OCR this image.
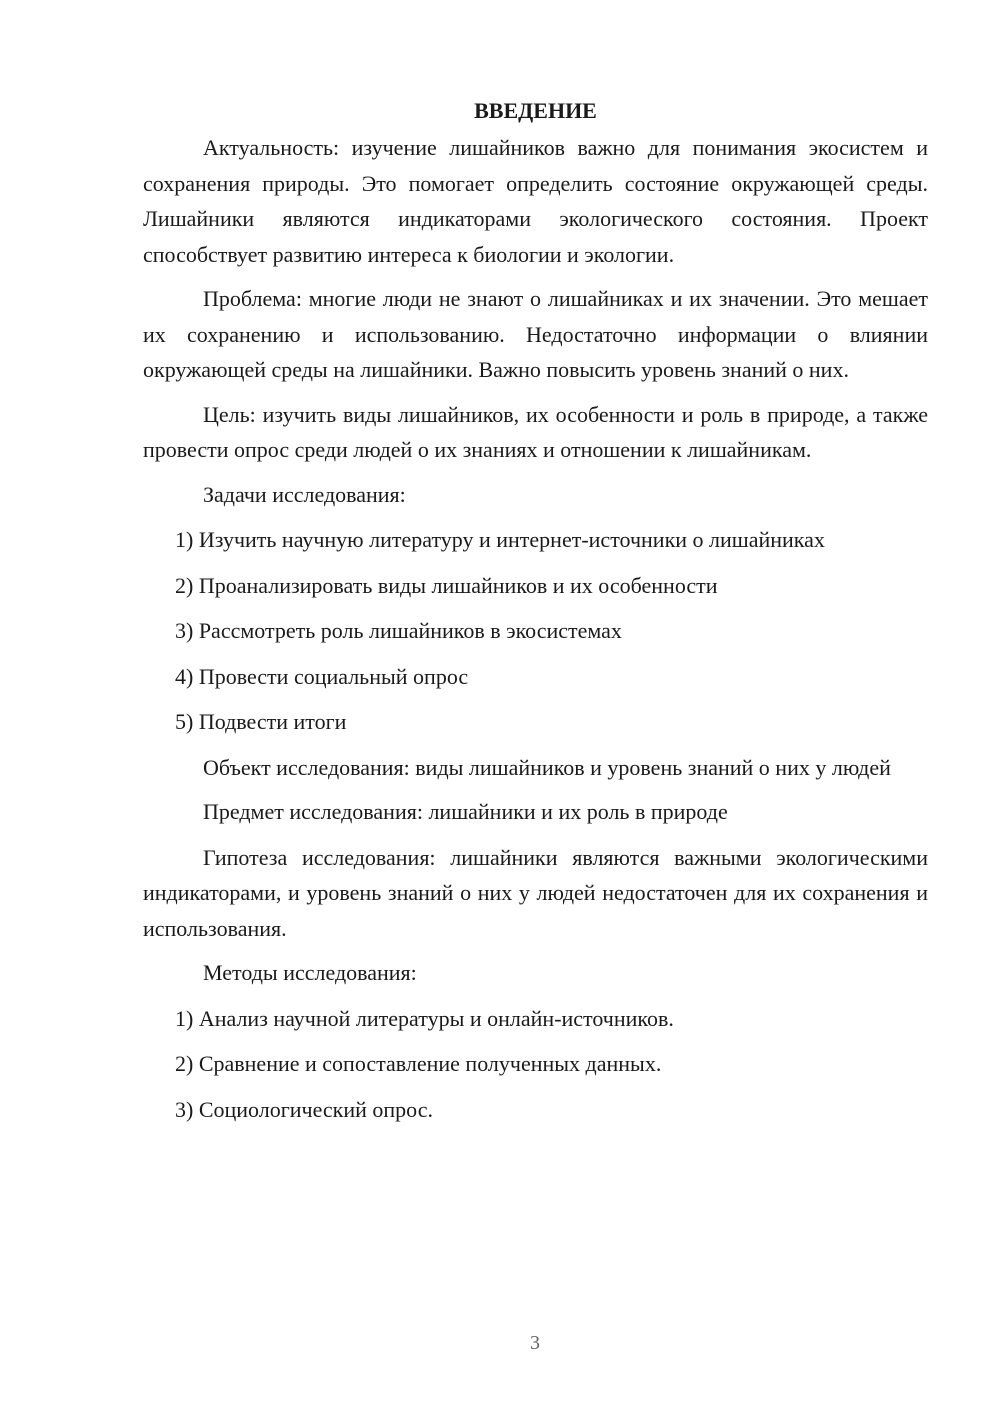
ВВЕДЕНИЕ

Актуальность: изучение лишайников важно для понимания экосистем и сохранения природы. Это помогает определить состояние окружающей среды. Лишайники являются индикаторами экологического состояния. Проект способствует развитию интереса к биологии и экологии.

Проблема: многие люди не знают о лишайниках и их значении. Это мешает их сохранению и использованию. Недостаточно информации о влиянии окружающей среды на лишайники. Важно повысить уровень знаний о них.

Цель: изучить виды лишайников, их особенности и роль в природе, а также провести опрос среди людей о их знаниях и отношении к лишайникам.

Задачи исследования:

1) Изучить научную литературу и интернет-источники о лишайниках

2) Проанализировать виды лишайников и их особенности

3) Рассмотреть роль лишайников в экосистемах

4) Провести социальный опрос

5) Подвести итоги

Объект исследования: виды лишайников и уровень знаний о них у людей

Предмет исследования: лишайники и их роль в природе

Гипотеза исследования: лишайники являются важными экологическими индикаторами, и уровень знаний о них у людей недостаточен для их сохранения и использования.

Методы исследования:

1) Анализ научной литературы и онлайн-источников.

2) Сравнение и сопоставление полученных данных.

3) Социологический опрос.

3
